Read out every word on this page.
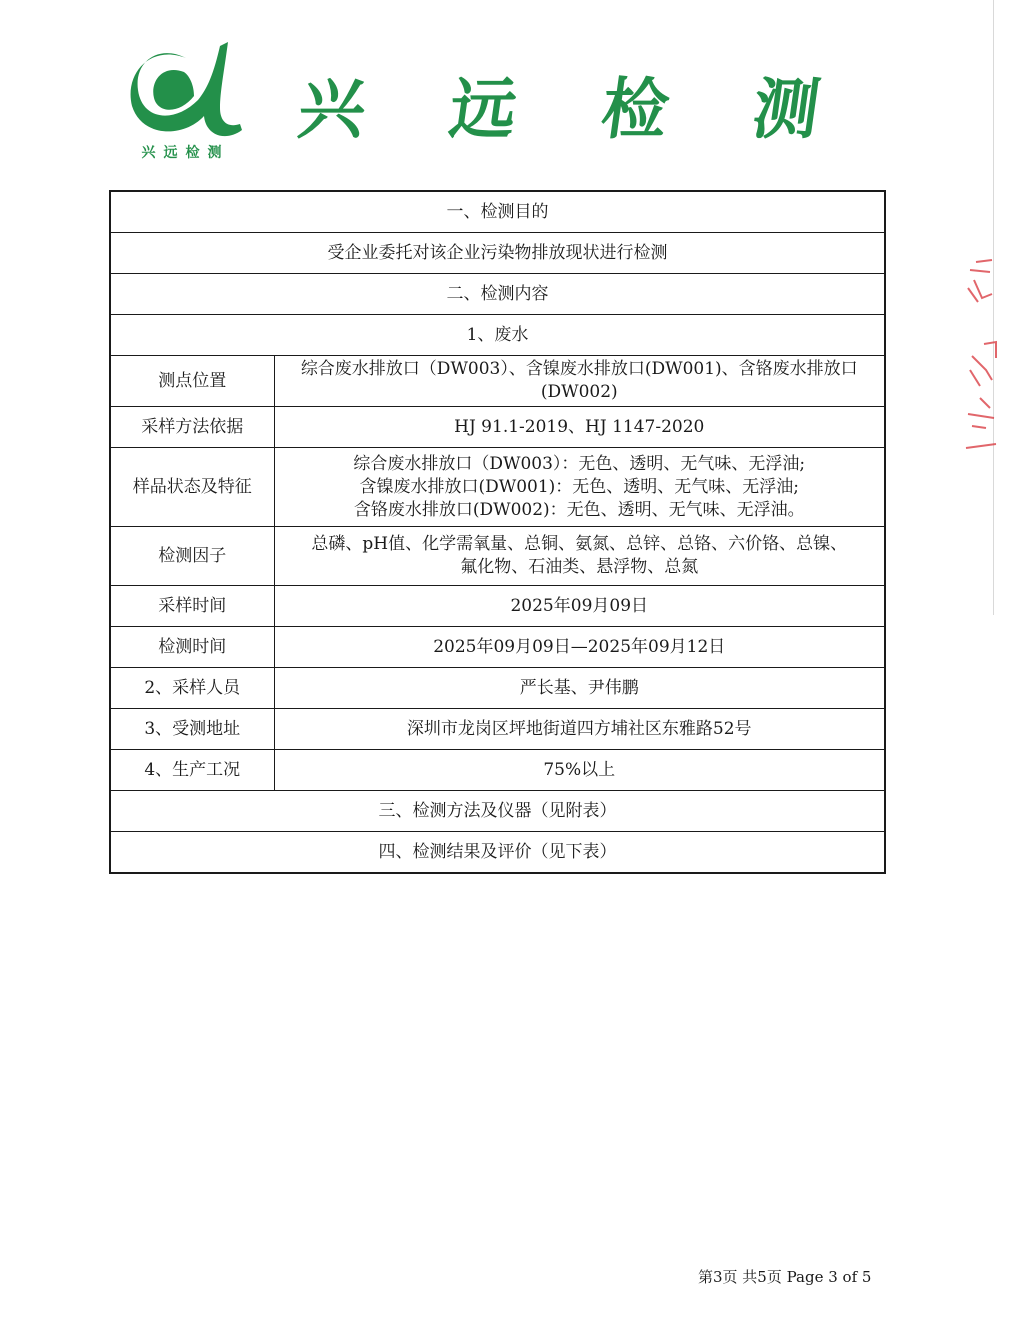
兴远检测
兴 远 检 测
一、检测目的	
受企业委托对该企业污染物排放现状进行检测	
二、检测内容	
1、废水	
测点位置	综合废水排放口（DW003）、含镍废水排放口(DW001)、含铬废水排放口
(DW002)

采样方法依据	HJ 91.1-2019、HJ 1147-2020

样品状态及特征	综合废水排放口（DW003）：无色、透明、无气味、无浮油;
含镍废水排放口(DW001)：无色、透明、无气味、无浮油;
含铬废水排放口(DW002)：无色、透明、无气味、无浮油。

检测因子	总磷、pH值、化学需氧量、总铜、氨氮、总锌、总铬、六价铬、总镍、
氟化物、石油类、悬浮物、总氮

采样时间	2025年09月09日

检测时间	2025年09月09日—2025年09月12日

2、采样人员	严长基、尹伟鹏
3、受测地址	深圳市龙岗区坪地街道四方埔社区东雅路52号
4、生产工况	75%以上
三、检测方法及仪器（见附表）	
四、检测结果及评价（见下表）	
第3页 共5页 Page 3 of 5
